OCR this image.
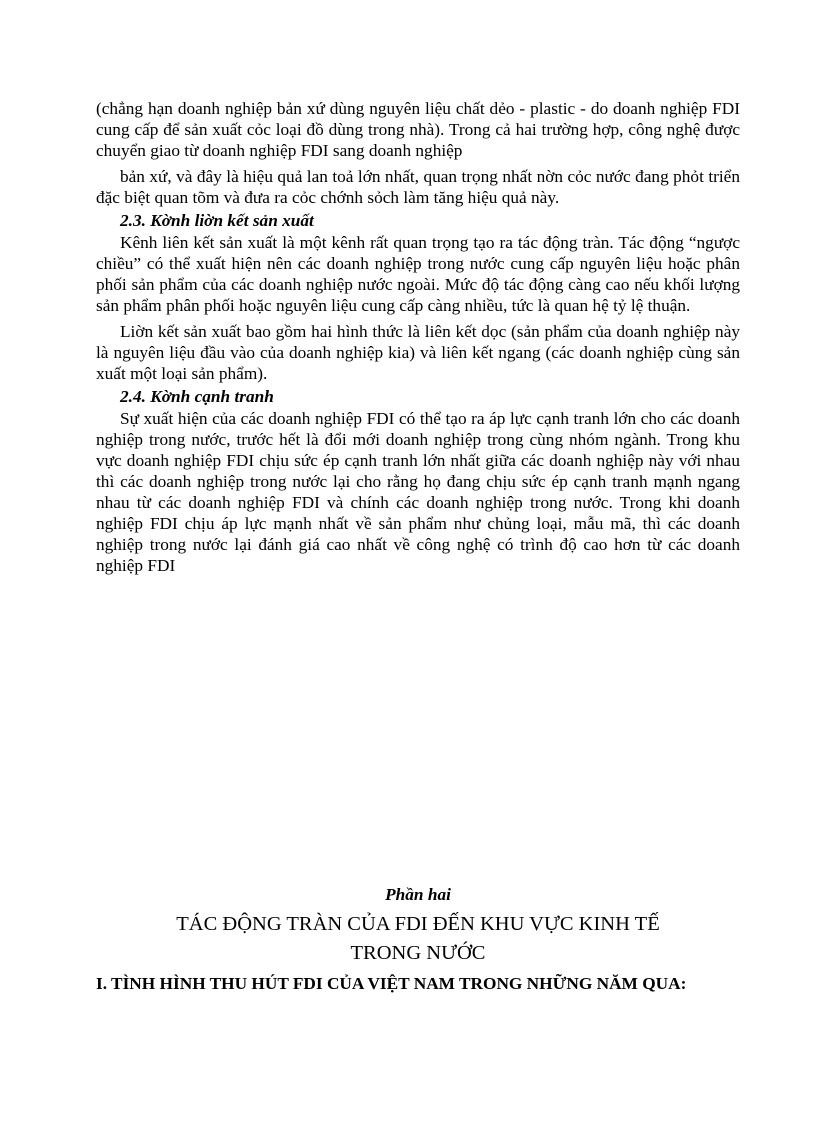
(chẳng hạn doanh nghiệp bản xứ dùng nguyên liệu chất dẻo - plastic - do doanh nghiệp FDI cung cấp để sản xuất cỏc loại đồ dùng trong nhà). Trong cả hai trường hợp, công nghệ được chuyển giao từ doanh nghiệp FDI sang doanh nghiệp

bản xứ, và đây là hiệu quả lan toả lớn nhất, quan trọng nhất nờn cỏc nước đang phỏt triển đặc biệt quan tõm và đưa ra cỏc chớnh sỏch làm tăng hiệu quả này.

2.3. Kờnh liờn kết sản xuất

Kênh liên kết sản xuất là một kênh rất quan trọng tạo ra tác động tràn. Tác động “ngược chiều” có thể xuất hiện nên các doanh nghiệp trong nước cung cấp nguyên liệu hoặc phân phối sản phẩm của các doanh nghiệp nước ngoài. Mức độ tác động càng cao nếu khối lượng sản phẩm phân phối hoặc nguyên liệu cung cấp càng nhiều, tức là quan hệ tỷ lệ thuận.

Liờn kết sản xuất bao gồm hai hình thức là liên kết dọc (sản phẩm của doanh nghiệp này là nguyên liệu đầu vào của doanh nghiệp kia) và liên kết ngang (các doanh nghiệp cùng sản xuất một loại sản phẩm).

2.4. Kờnh cạnh tranh

Sự xuất hiện của các doanh nghiệp FDI có thể tạo ra áp lực cạnh tranh lớn cho các doanh nghiệp trong nước, trước hết là đổi mới doanh nghiệp trong cùng nhóm ngành. Trong khu vực doanh nghiệp FDI chịu sức ép cạnh tranh lớn nhất giữa các doanh nghiệp này với nhau thì các doanh nghiệp trong nước lại cho rằng họ đang chịu sức ép cạnh tranh mạnh ngang nhau từ các doanh nghiệp FDI và chính các doanh nghiệp trong nước. Trong khi doanh nghiệp FDI chịu áp lực mạnh nhất về sản phẩm như chủng loại, mẫu mã, thì các doanh nghiệp trong nước lại đánh giá cao nhất về công nghệ có trình độ cao hơn từ các doanh nghiệp FDI

Phần hai
TÁC ĐỘNG TRÀN CỦA FDI ĐẾN KHU VỰC KINH TẾ
TRONG NƯỚC
I. TÌNH HÌNH THU HÚT FDI CỦA VIỆT NAM TRONG NHỮNG NĂM QUA:
